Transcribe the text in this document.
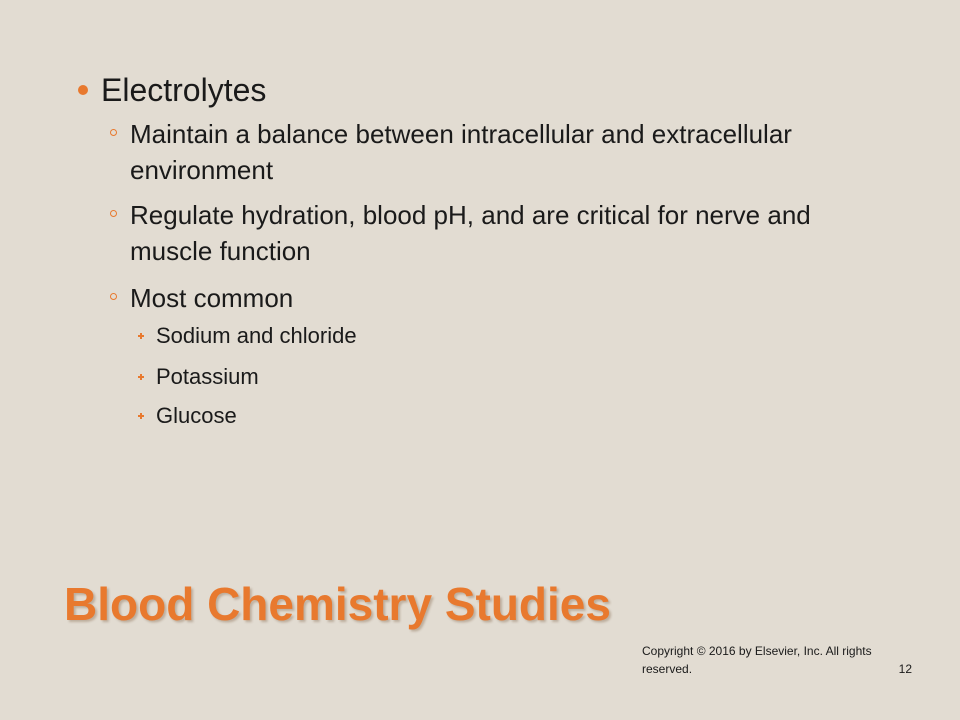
Electrolytes
Maintain a balance between intracellular and extracellular environment
Regulate hydration, blood pH, and are critical for nerve and muscle function
Most common
Sodium and chloride
Potassium
Glucose
Blood Chemistry Studies
Copyright © 2016 by Elsevier, Inc. All rights reserved.	12
